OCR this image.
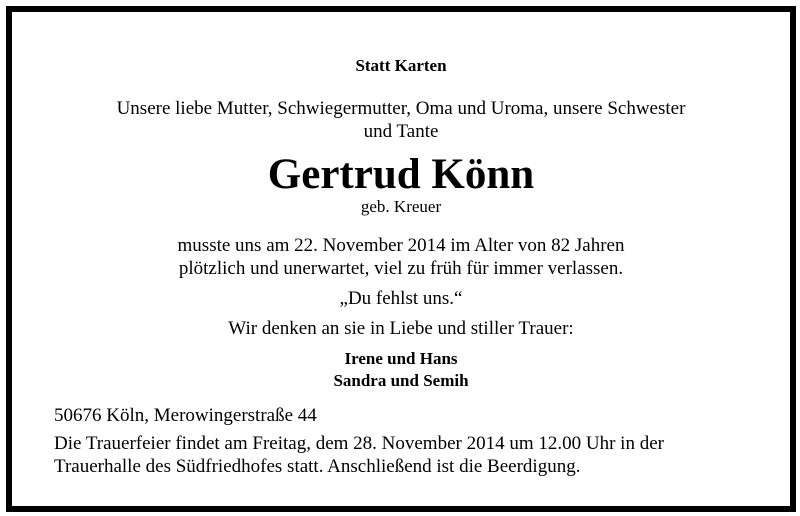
Statt Karten
Unsere liebe Mutter, Schwiegermutter, Oma und Uroma, unsere Schwester
und Tante
Gertrud Könn
geb. Kreuer
musste uns am 22. November 2014 im Alter von 82 Jahren
plötzlich und unerwartet, viel zu früh für immer verlassen.
„Du fehlst uns.“
Wir denken an sie in Liebe und stiller Trauer:
Irene und Hans
Sandra und Semih
50676 Köln, Merowingerstraße 44
Die Trauerfeier findet am Freitag, dem 28. November 2014 um 12.00 Uhr in der
Trauerhalle des Südfriedhofes statt. Anschließend ist die Beerdigung.
